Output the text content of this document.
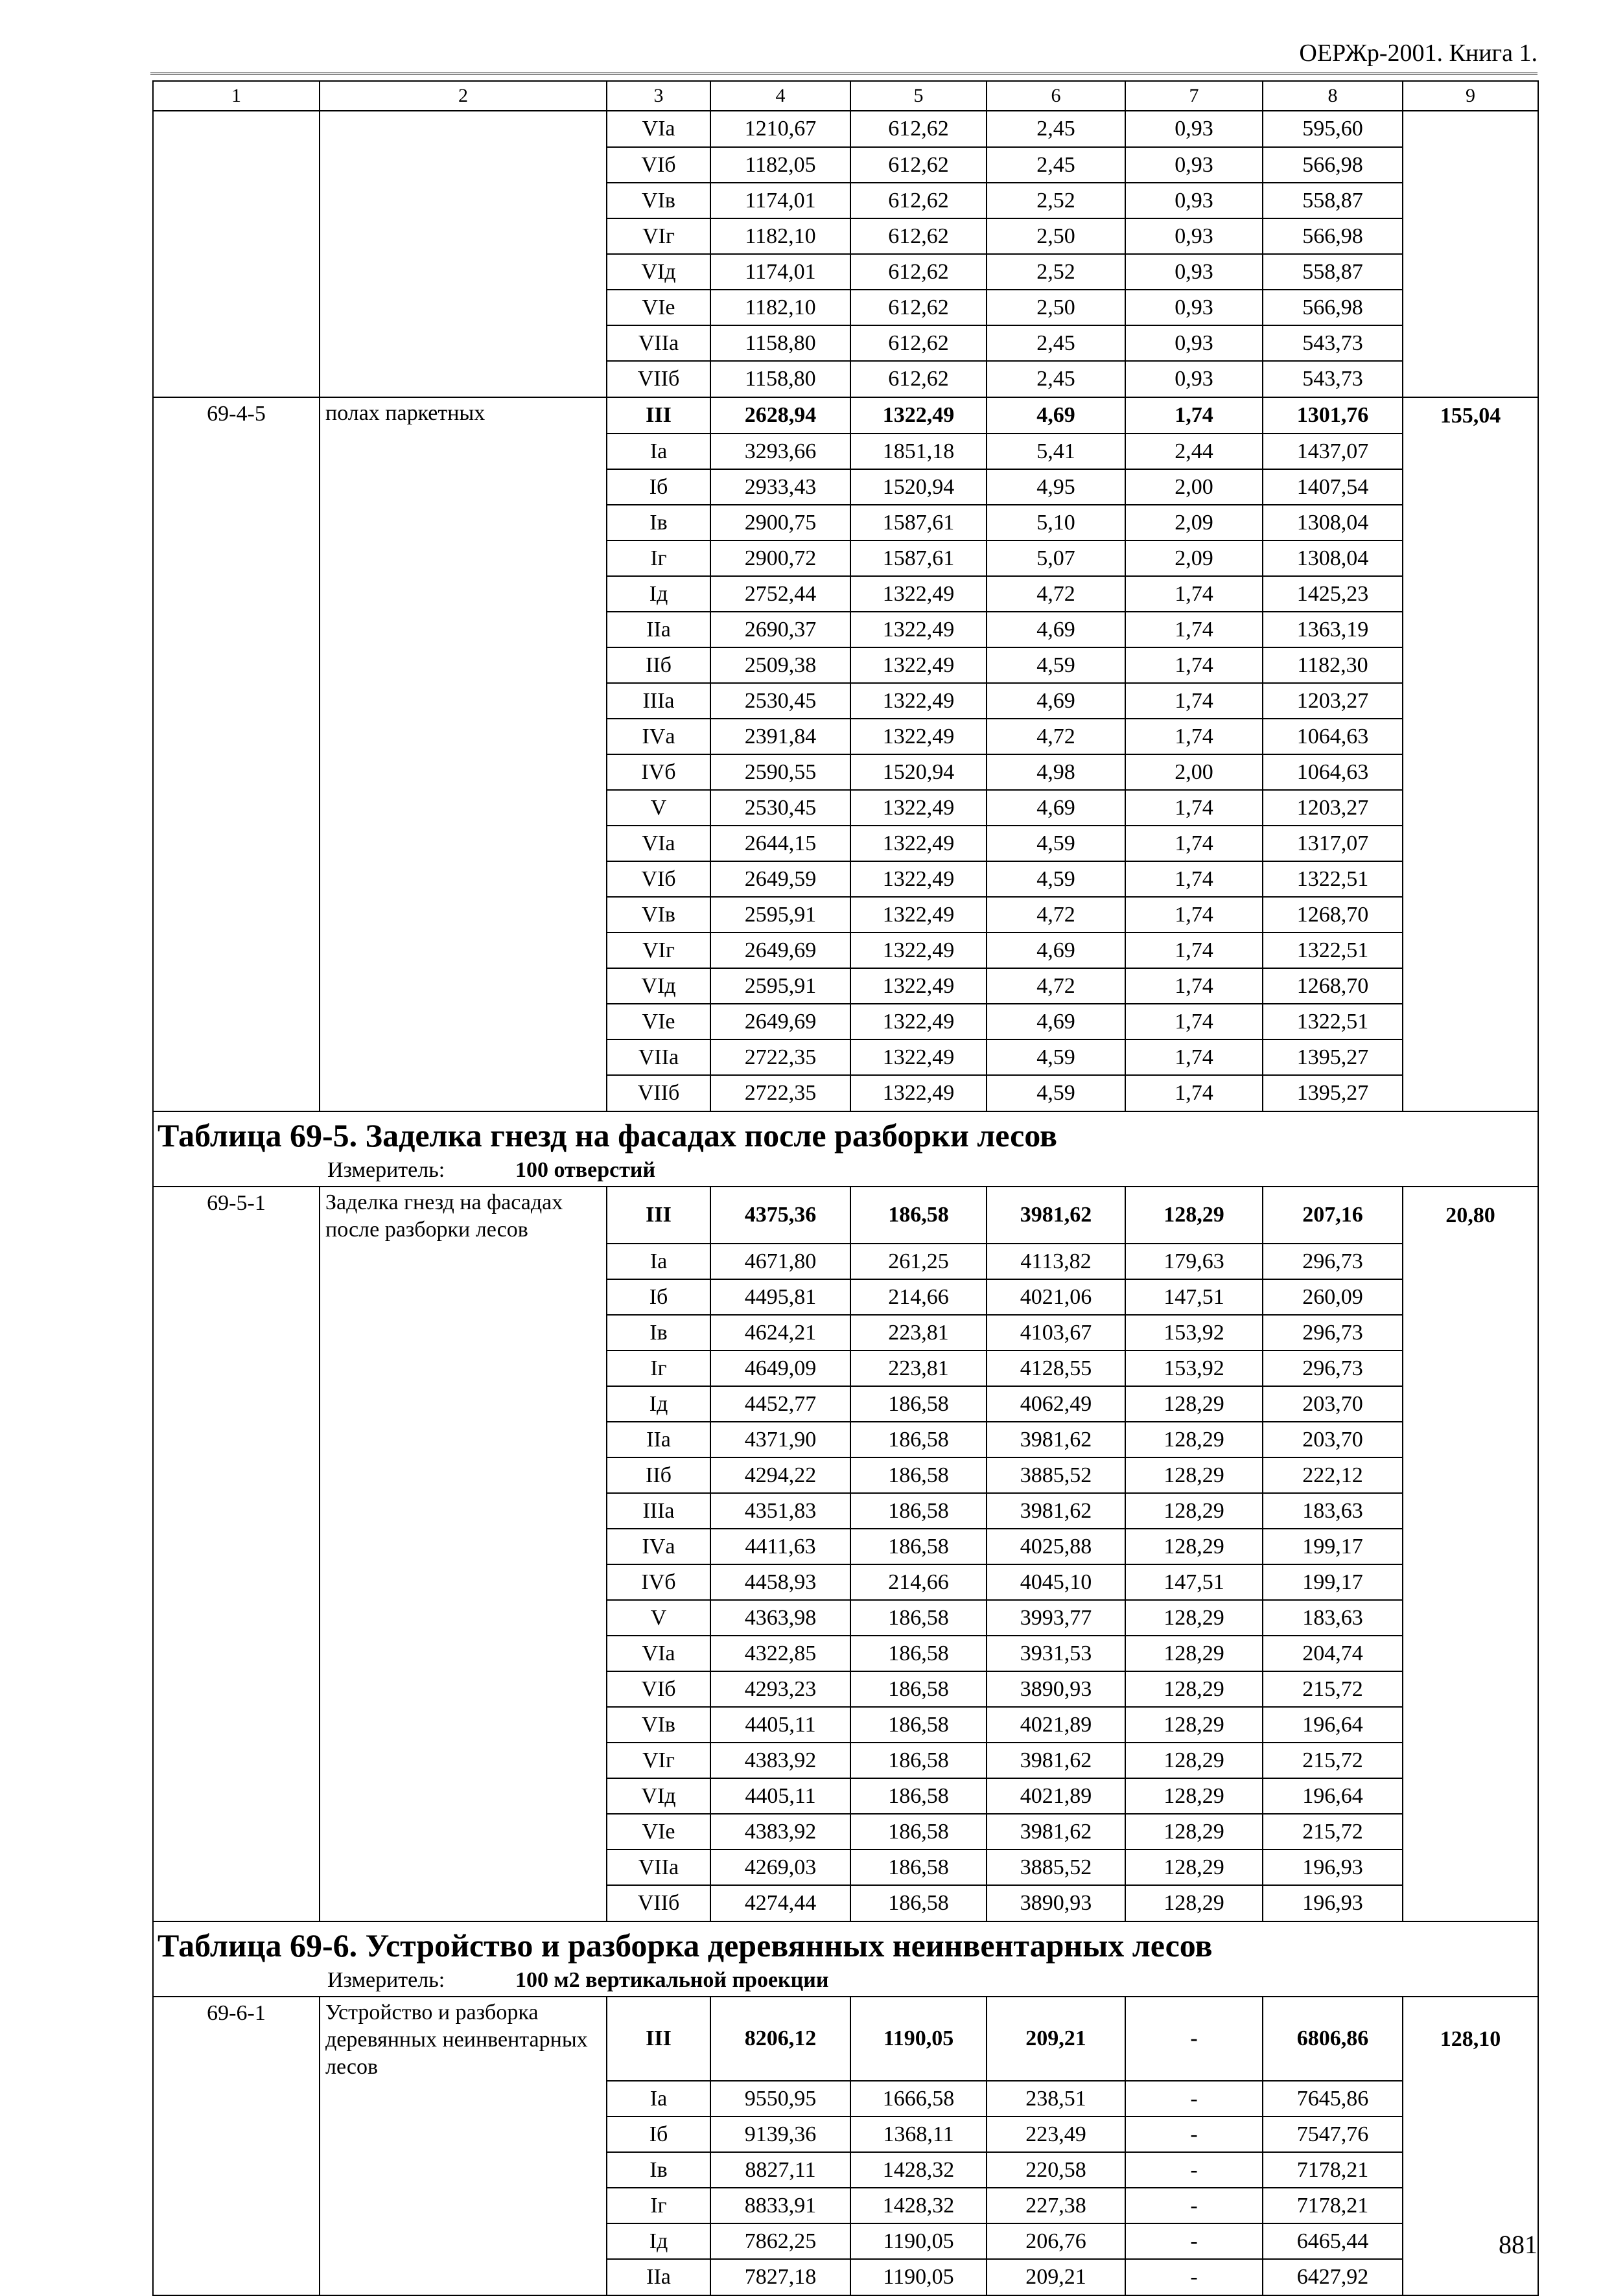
ОЕРЖр-2001. Книга 1.
1	2	3	4	5	6	7	8	9
		VIа	1210,67	612,62	2,45	0,93	595,60	
		VIб	1182,05	612,62	2,45	0,93	566,98	
		VIв	1174,01	612,62	2,52	0,93	558,87	
		VIг	1182,10	612,62	2,50	0,93	566,98	
		VIд	1174,01	612,62	2,52	0,93	558,87	
		VIе	1182,10	612,62	2,50	0,93	566,98	
		VIIа	1158,80	612,62	2,45	0,93	543,73	
		VIIб	1158,80	612,62	2,45	0,93	543,73	
69-4-5	полах паркетных	III	2628,94	1322,49	4,69	1,74	1301,76	155,04
		Iа	3293,66	1851,18	5,41	2,44	1437,07	
		Iб	2933,43	1520,94	4,95	2,00	1407,54	
		Iв	2900,75	1587,61	5,10	2,09	1308,04	
		Iг	2900,72	1587,61	5,07	2,09	1308,04	
		Iд	2752,44	1322,49	4,72	1,74	1425,23	
		IIа	2690,37	1322,49	4,69	1,74	1363,19	
		IIб	2509,38	1322,49	4,59	1,74	1182,30	
		IIIа	2530,45	1322,49	4,69	1,74	1203,27	
		IVа	2391,84	1322,49	4,72	1,74	1064,63	
		IVб	2590,55	1520,94	4,98	2,00	1064,63	
		V	2530,45	1322,49	4,69	1,74	1203,27	
		VIа	2644,15	1322,49	4,59	1,74	1317,07	
		VIб	2649,59	1322,49	4,59	1,74	1322,51	
		VIв	2595,91	1322,49	4,72	1,74	1268,70	
		VIг	2649,69	1322,49	4,69	1,74	1322,51	
		VIд	2595,91	1322,49	4,72	1,74	1268,70	
		VIе	2649,69	1322,49	4,69	1,74	1322,51	
		VIIа	2722,35	1322,49	4,59	1,74	1395,27	
		VIIб	2722,35	1322,49	4,59	1,74	1395,27	

Таблица 69-5. Заделка гнезд на фасадах после разборки лесов
Измеритель: 100 отверстий								

69-5-1	Заделка гнезд на фасадах после разборки лесов	III	4375,36	186,58	3981,62	128,29	207,16	20,80
		Iа	4671,80	261,25	4113,82	179,63	296,73	
		Iб	4495,81	214,66	4021,06	147,51	260,09	
		Iв	4624,21	223,81	4103,67	153,92	296,73	
		Iг	4649,09	223,81	4128,55	153,92	296,73	
		Iд	4452,77	186,58	4062,49	128,29	203,70	
		IIа	4371,90	186,58	3981,62	128,29	203,70	
		IIб	4294,22	186,58	3885,52	128,29	222,12	
		IIIа	4351,83	186,58	3981,62	128,29	183,63	
		IVа	4411,63	186,58	4025,88	128,29	199,17	
		IVб	4458,93	214,66	4045,10	147,51	199,17	
		V	4363,98	186,58	3993,77	128,29	183,63	
		VIа	4322,85	186,58	3931,53	128,29	204,74	
		VIб	4293,23	186,58	3890,93	128,29	215,72	
		VIв	4405,11	186,58	4021,89	128,29	196,64	
		VIг	4383,92	186,58	3981,62	128,29	215,72	
		VIд	4405,11	186,58	4021,89	128,29	196,64	
		VIе	4383,92	186,58	3981,62	128,29	215,72	
		VIIа	4269,03	186,58	3885,52	128,29	196,93	
		VIIб	4274,44	186,58	3890,93	128,29	196,93	

Таблица 69-6. Устройство и разборка деревянных неинвентарных лесов
Измеритель: 100 м2 вертикальной проекции								

69-6-1	Устройство и разборка деревянных неинвентарных лесов	III	8206,12	1190,05	209,21	-	6806,86	128,10
		Iа	9550,95	1666,58	238,51	-	7645,86	
		Iб	9139,36	1368,11	223,49	-	7547,76	
		Iв	8827,11	1428,32	220,58	-	7178,21	
		Iг	8833,91	1428,32	227,38	-	7178,21	
		Iд	7862,25	1190,05	206,76	-	6465,44	
		IIа	7827,18	1190,05	209,21	-	6427,92	
881
